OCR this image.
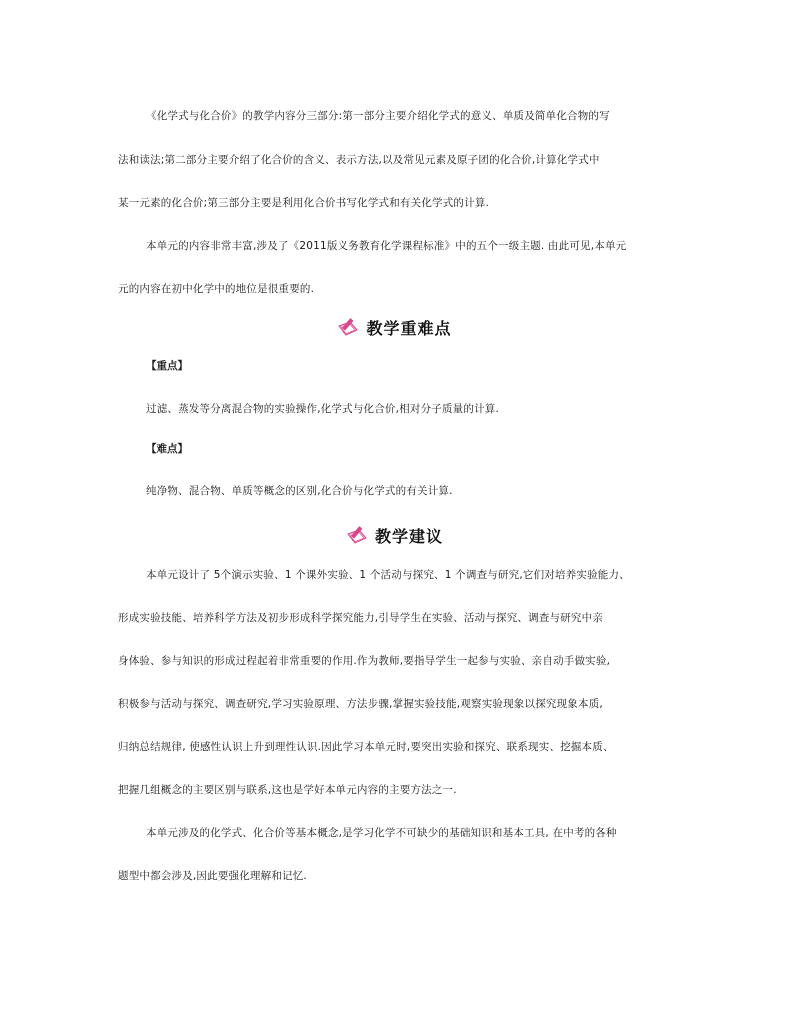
《化学式与化合价》的教学内容分三部分:第一部分主要介绍化学式的意义、单质及简单化合物的写
法和读法;第二部分主要介绍了化合价的含义、表示方法,以及常见元素及原子团的化合价,计算化学式中
某一元素的化合价;第三部分主要是利用化合价书写化学式和有关化学式的计算.
本单元的内容非常丰富,涉及了《2011版义务教育化学课程标准》中的五个一级主题. 由此可见,本单元
元的内容在初中化学中的地位是很重要的.
教学重难点
【重点】
过滤、蒸发等分离混合物的实验操作,化学式与化合价,相对分子质量的计算.
【难点】
纯净物、混合物、单质等概念的区别,化合价与化学式的有关计算.
教学建议
本单元设计了 5个演示实验、1 个课外实验、1 个活动与探究、1 个调查与研究,它们对培养实验能力、
形成实验技能、培养科学方法及初步形成科学探究能力,引导学生在实验、活动与探究、调查与研究中亲
身体验、参与知识的形成过程起着非常重要的作用.作为教师,要指导学生一起参与实验、亲自动手做实验,
积极参与活动与探究、调查研究,学习实验原理、方法步骤,掌握实验技能,观察实验现象以探究现象本质,
归纳总结规律, 使感性认识上升到理性认识.因此学习本单元时,要突出实验和探究、联系现实、挖掘本质、
把握几组概念的主要区别与联系,这也是学好本单元内容的主要方法之一.
本单元涉及的化学式、化合价等基本概念,是学习化学不可缺少的基础知识和基本工具, 在中考的各种
题型中都会涉及,因此要强化理解和记忆.
